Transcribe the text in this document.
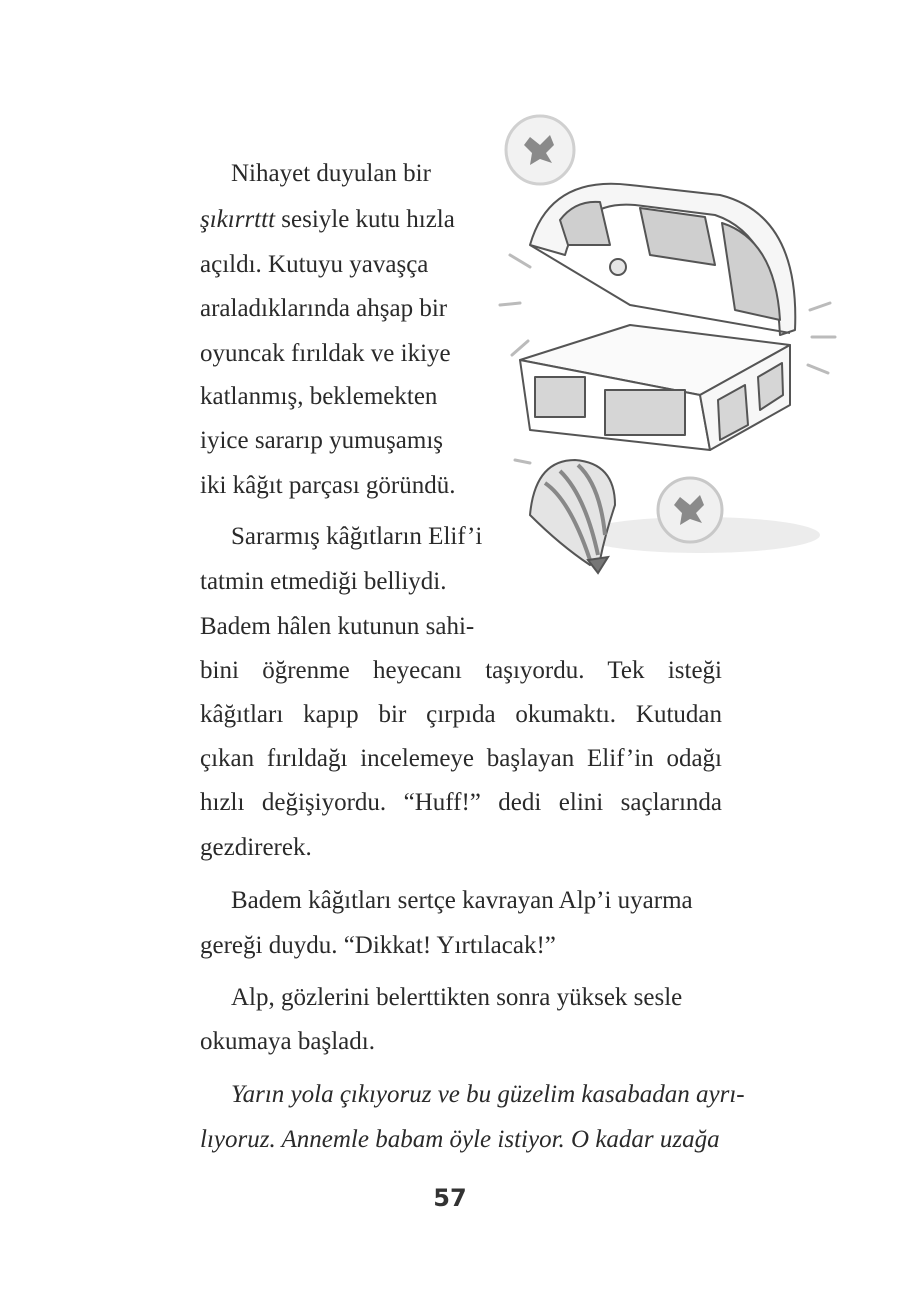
Nihayet duyulan bir
şıkırrttt sesiyle kutu hızla
açıldı. Kutuyu yavaşça
araladıklarında ahşap bir
oyuncak fırıldak ve ikiye
katlanmış, beklemekten
iyice sararıp yumuşamış
iki kâğıt parçası göründü.
Sararmış kâğıtların Elif’i
tatmin etmediği belliydi.
Badem hâlen kutunun sahi-
bini öğrenme heyecanı taşıyordu. Tek isteği
kâğıtları kapıp bir çırpıda okumaktı. Kutudan
çıkan fırıldağı incelemeye başlayan Elif’in odağı
hızlı değişiyordu. “Huff!” dedi elini saçlarında
gezdirerek.
Badem kâğıtları sertçe kavrayan Alp’i uyarma
gereği duydu. “Dikkat! Yırtılacak!”
Alp, gözlerini belerttikten sonra yüksek sesle
okumaya başladı.
Yarın yola çıkıyoruz ve bu güzelim kasabadan ayrı-
lıyoruz. Annemle babam öyle istiyor. O kadar uzağa
57
